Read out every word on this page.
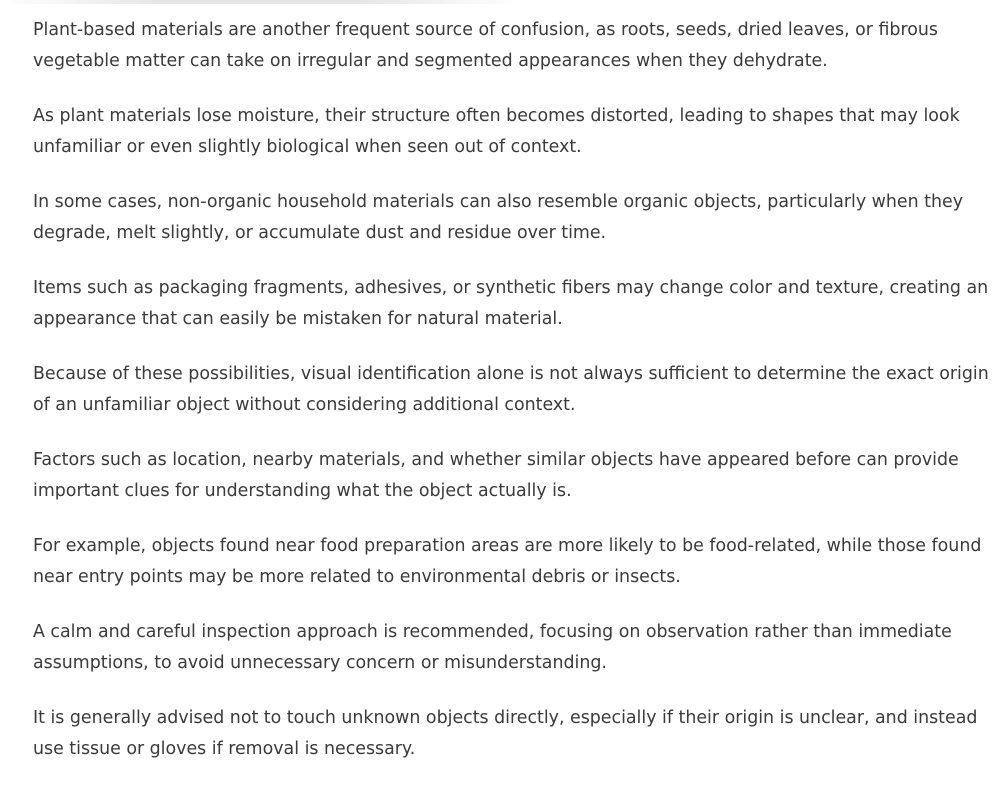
Plant-based materials are another frequent source of confusion, as roots, seeds, dried leaves, or fibrous vegetable matter can take on irregular and segmented appearances when they dehydrate.

As plant materials lose moisture, their structure often becomes distorted, leading to shapes that may look unfamiliar or even slightly biological when seen out of context.

In some cases, non-organic household materials can also resemble organic objects, particularly when they degrade, melt slightly, or accumulate dust and residue over time.

Items such as packaging fragments, adhesives, or synthetic fibers may change color and texture, creating an appearance that can easily be mistaken for natural material.

Because of these possibilities, visual identification alone is not always sufficient to determine the exact origin of an unfamiliar object without considering additional context.

Factors such as location, nearby materials, and whether similar objects have appeared before can provide important clues for understanding what the object actually is.

For example, objects found near food preparation areas are more likely to be food-related, while those found near entry points may be more related to environmental debris or insects.

A calm and careful inspection approach is recommended, focusing on observation rather than immediate assumptions, to avoid unnecessary concern or misunderstanding.

It is generally advised not to touch unknown objects directly, especially if their origin is unclear, and instead use tissue or gloves if removal is necessary.
